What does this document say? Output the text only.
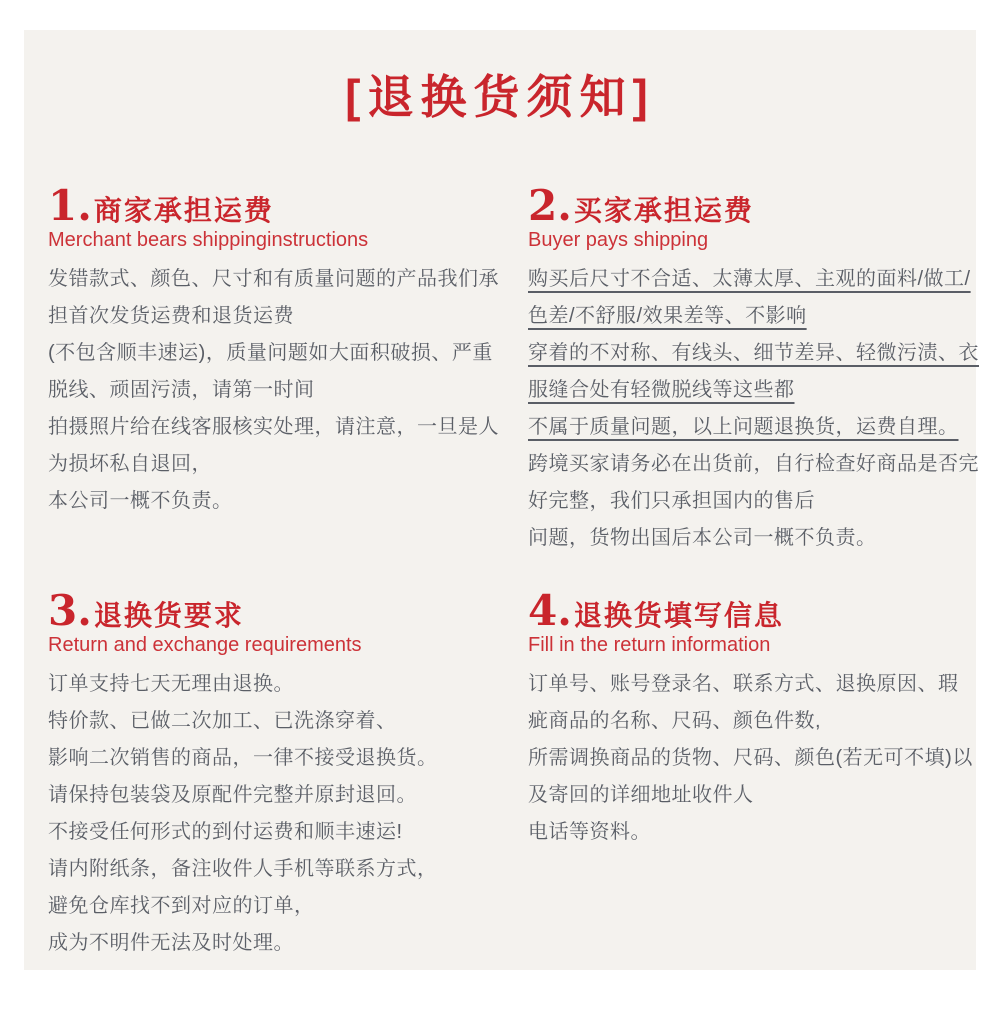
[退换货须知]
1. 商家承担运费
Merchant bears shippinginstructions

发错款式、颜色、尺寸和有质量问题的产品我们承

担首次发货运费和退货运费

(不包含顺丰速运)，质量问题如大面积破损、严重

脱线、顽固污渍，请第一时间

拍摄照片给在线客服核实处理，请注意，一旦是人

为损坏私自退回，

本公司一概不负责。

2. 买家承担运费
Buyer pays shipping

购买后尺寸不合适、太薄太厚、主观的面料/做工/

色差/不舒服/效果差等、不影响

穿着的不对称、有线头、细节差异、轻微污渍、衣

服缝合处有轻微脱线等这些都

不属于质量问题，以上问题退换货，运费自理。

跨境买家请务必在出货前，自行检查好商品是否完

好完整，我们只承担国内的售后

问题，货物出国后本公司一概不负责。

3. 退换货要求
Return and exchange requirements

订单支持七天无理由退换。

特价款、已做二次加工、已洗涤穿着、

影响二次销售的商品，一律不接受退换货。

请保持包装袋及原配件完整并原封退回。

不接受任何形式的到付运费和顺丰速运!

请内附纸条，备注收件人手机等联系方式，

避免仓库找不到对应的订单，

成为不明件无法及时处理。

4. 退换货填写信息
Fill in the return information

订单号、账号登录名、联系方式、退换原因、瑕

疵商品的名称、尺码、颜色件数,

所需调换商品的货物、尺码、颜色(若无可不填)以

及寄回的详细地址收件人

电话等资料。
